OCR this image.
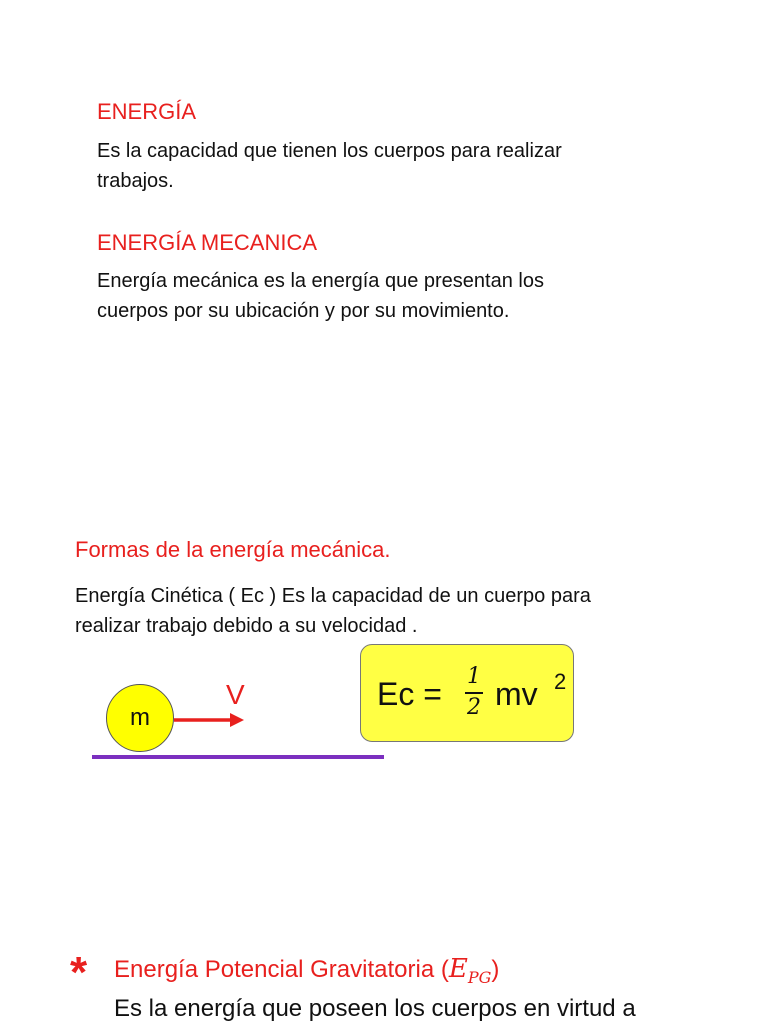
ENERGÍA
Es la capacidad que tienen los cuerpos para realizar
trabajos.
ENERGÍA MECANICA
Energía mecánica es la energía que presentan los
cuerpos por su ubicación y por su movimiento.
Formas de la energía mecánica.
Energía Cinética ( Ec ) Es la capacidad de un cuerpo para
realizar trabajo debido a su velocidad .
m
V	Ec = 1
2 mv 2
* Energía Potencial Gravitatoria $(E_{PG})$
Es la energía que poseen los cuerpos en virtud a
